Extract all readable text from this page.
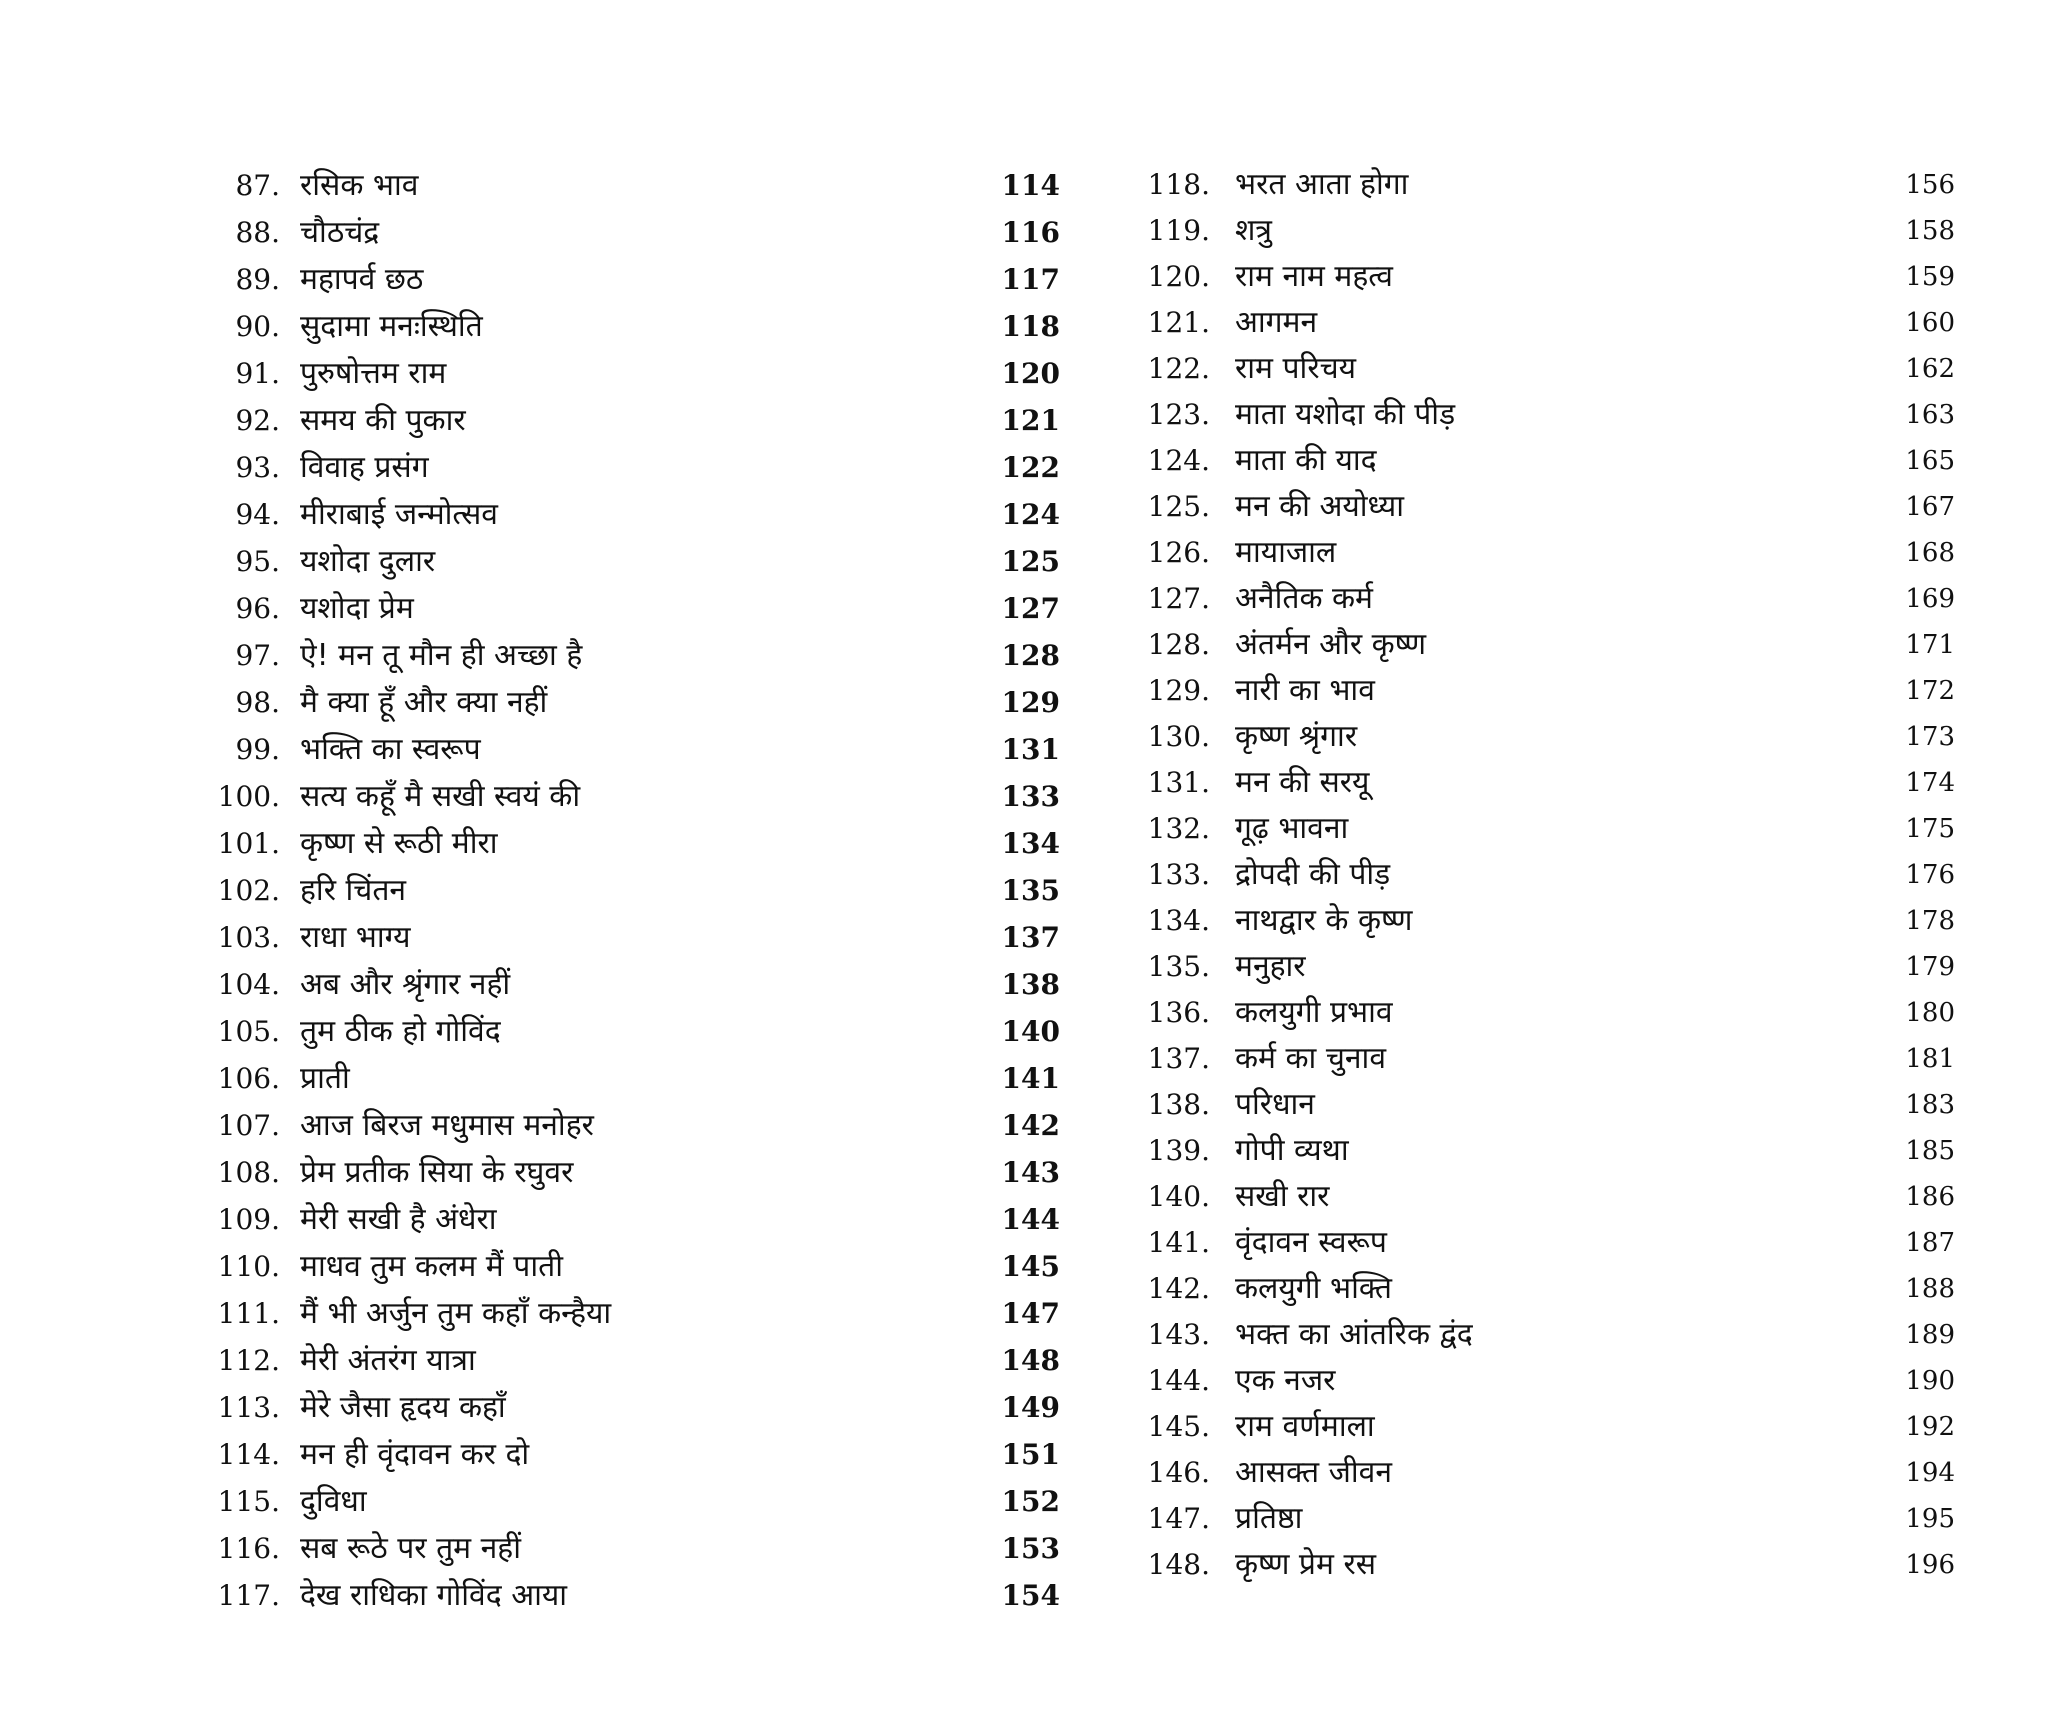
87. रसिक भाव	114
88. चौठचंद्र	116
89. महापर्व छठ	117
90. सुदामा मनःस्थिति	118
91. पुरुषोत्तम राम	120
92. समय की पुकार	121
93. विवाह प्रसंग	122
94. मीराबाई जन्मोत्सव	124
95. यशोदा दुलार	125
96. यशोदा प्रेम	127
97. ऐ! मन तू मौन ही अच्छा है	128
98. मै क्या हूँ और क्या नहीं	129
99. भक्ति का स्वरूप	131
100. सत्य कहूँ मै सखी स्वयं की	133
101. कृष्ण से रूठी मीरा	134
102. हरि चिंतन	135
103. राधा भाग्य	137
104. अब और श्रृंगार नहीं	138
105. तुम ठीक हो गोविंद	140
106. प्राती	141
107. आज बिरज मधुमास मनोहर	142
108. प्रेम प्रतीक सिया के रघुवर	143
109. मेरी सखी है अंधेरा	144
110. माधव तुम कलम मैं पाती	145
111. मैं भी अर्जुन तुम कहाँ कन्हैया	147
112. मेरी अंतरंग यात्रा	148
113. मेरे जैसा हृदय कहाँ	149
114. मन ही वृंदावन कर दो	151
115. दुविधा	152
116. सब रूठे पर तुम नहीं	153
117. देख राधिका गोविंद आया	154
118. भरत आता होगा	156
119. शत्रु	158
120. राम नाम महत्व	159
121. आगमन	160
122. राम परिचय	162
123. माता यशोदा की पीड़	163
124. माता की याद	165
125. मन की अयोध्या	167
126. मायाजाल	168
127. अनैतिक कर्म	169
128. अंतर्मन और कृष्ण	171
129. नारी का भाव	172
130. कृष्ण श्रृंगार	173
131. मन की सरयू	174
132. गूढ़ भावना	175
133. द्रोपदी की पीड़	176
134. नाथद्वार के कृष्ण	178
135. मनुहार	179
136. कलयुगी प्रभाव	180
137. कर्म का चुनाव	181
138. परिधान	183
139. गोपी व्यथा	185
140. सखी रार	186
141. वृंदावन स्वरूप	187
142. कलयुगी भक्ति	188
143. भक्त का आंतरिक द्वंद	189
144. एक नजर	190
145. राम वर्णमाला	192
146. आसक्त जीवन	194
147. प्रतिष्ठा	195
148. कृष्ण प्रेम रस	196
